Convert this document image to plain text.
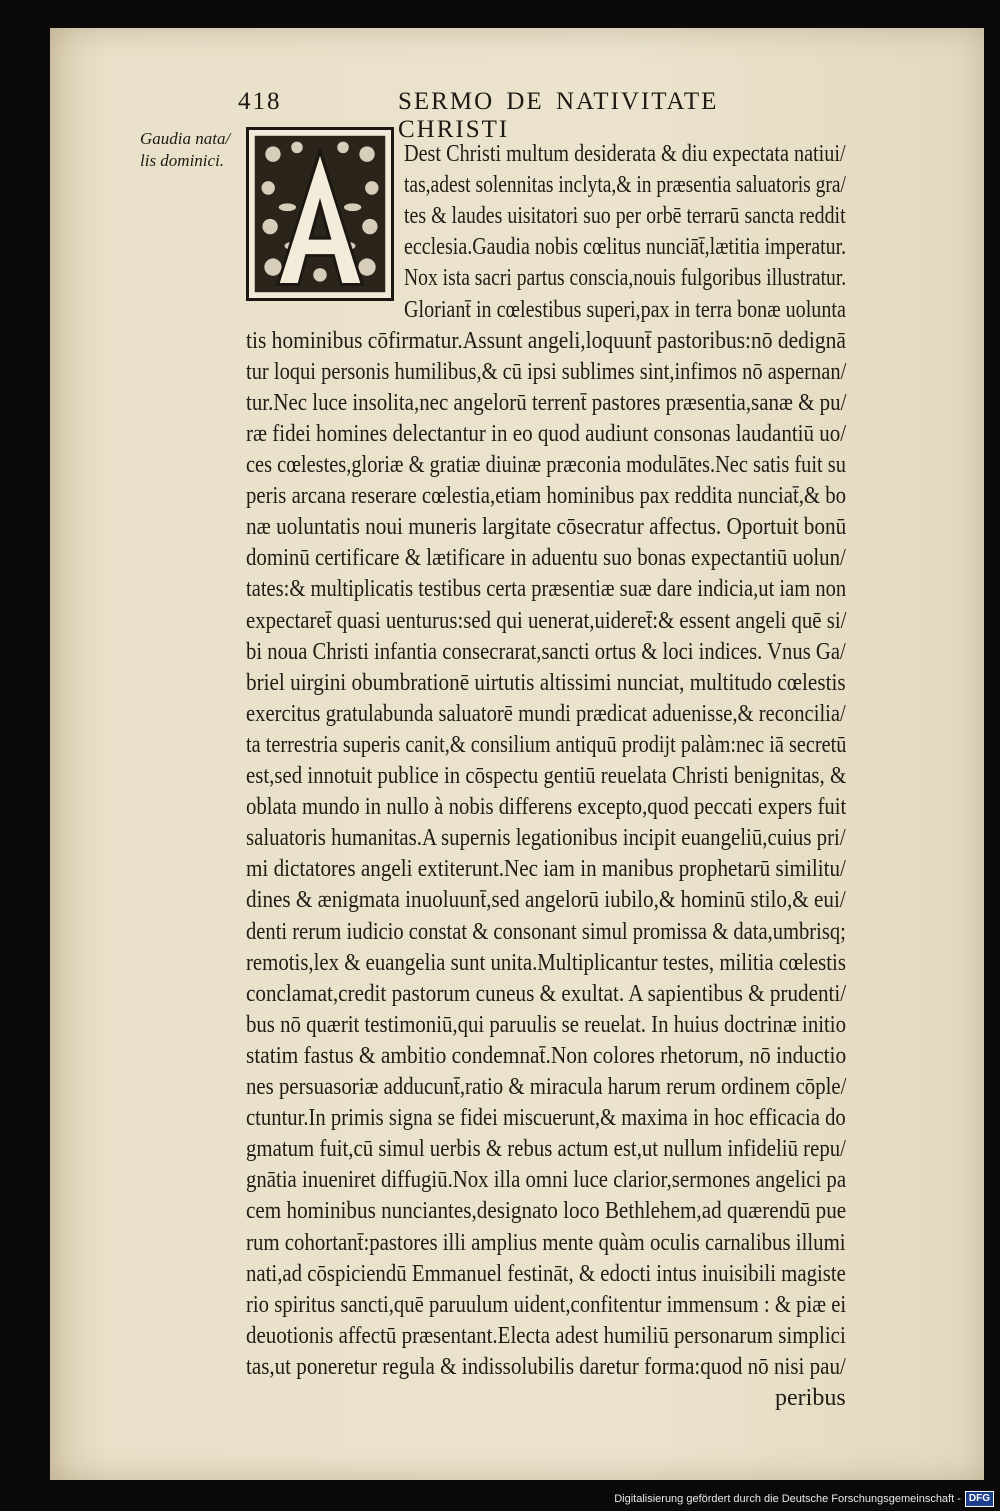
418	SERMO DE NATIVITATE CHRISTI
Gaudia nata/
lis dominici.	Dest Christi multum desiderata & diu expectata natiui/
tas,adest solennitas inclyta,& in præsentia saluatoris gra/
tes & laudes uisitatori suo per orbē terrarū sancta reddit
ecclesia.Gaudia nobis cœlitus nunciāt̄,lætitia imperatur.
Nox ista sacri partus conscia,nouis fulgoribus illustratur.
Gloriant̄ in cœlestibus superi,pax in terra bonæ uolunta
tis hominibus cōfirmatur.Assunt angeli,loquunt̄ pastoribus:nō dedignā
tur loqui personis humilibus,& cū ipsi sublimes sint,infimos nō aspernan/
tur.Nec luce insolita,nec angelorū terrent̄ pastores præsentia,sanæ & pu/
ræ fidei homines delectantur in eo quod audiunt consonas laudantiū uo/
ces cœlestes,gloriæ & gratiæ diuinæ præconia modulātes.Nec satis fuit su
peris arcana reserare cœlestia,etiam hominibus pax reddita nunciat̄,& bo
næ uoluntatis noui muneris largitate cōsecratur affectus. Oportuit bonū
dominū certificare & lætificare in aduentu suo bonas expectantiū uolun/
tates:& multiplicatis testibus certa præsentiæ suæ dare indicia,ut iam non
expectaret̄ quasi uenturus:sed qui uenerat,uideret̄:& essent angeli quē si/
bi noua Christi infantia consecrarat,sancti ortus & loci indices. Vnus Ga/
briel uirgini obumbrationē uirtutis altissimi nunciat, multitudo cœlestis
exercitus gratulabunda saluatorē mundi prædicat aduenisse,& reconcilia/
ta terrestria superis canit,& consilium antiquū prodijt palàm:nec iā secretū
est,sed innotuit publice in cōspectu gentiū reuelata Christi benignitas, &
oblata mundo in nullo à nobis differens excepto,quod peccati expers fuit
saluatoris humanitas.A supernis legationibus incipit euangeliū,cuius pri/
mi dictatores angeli extiterunt.Nec iam in manibus prophetarū similitu/
dines & ænigmata inuoluunt̄,sed angelorū iubilo,& hominū stilo,& eui/
denti rerum iudicio constat & consonant simul promissa & data,umbrisq;
remotis,lex & euangelia sunt unita.Multiplicantur testes, militia cœlestis
conclamat,credit pastorum cuneus & exultat. A sapientibus & prudenti/
bus nō quærit testimoniū,qui paruulis se reuelat. In huius doctrinæ initio
statim fastus & ambitio condemnat̄.Non colores rhetorum, nō inductio
nes persuasoriæ adducunt̄,ratio & miracula harum rerum ordinem cōple/
ctuntur.In primis signa se fidei miscuerunt,& maxima in hoc efficacia do
gmatum fuit,cū simul uerbis & rebus actum est,ut nullum infideliū repu/
gnātia inueniret diffugiū.Nox illa omni luce clarior,sermones angelici pa
cem hominibus nunciantes,designato loco Bethlehem,ad quærendū pue
rum cohortant̄:pastores illi amplius mente quàm oculis carnalibus illumi
nati,ad cōspiciendū Emmanuel festināt, & edocti intus inuisibili magiste
rio spiritus sancti,quē paruulum uident,confitentur immensum : & piæ ei
deuotionis affectū præsentant.Electa adest humiliū personarum simplici
tas,ut poneretur regula & indissolubilis daretur forma:quod nō nisi pau/
peribus
Digitalisierung gefördert durch die Deutsche Forschungsgemeinschaft - DFG
